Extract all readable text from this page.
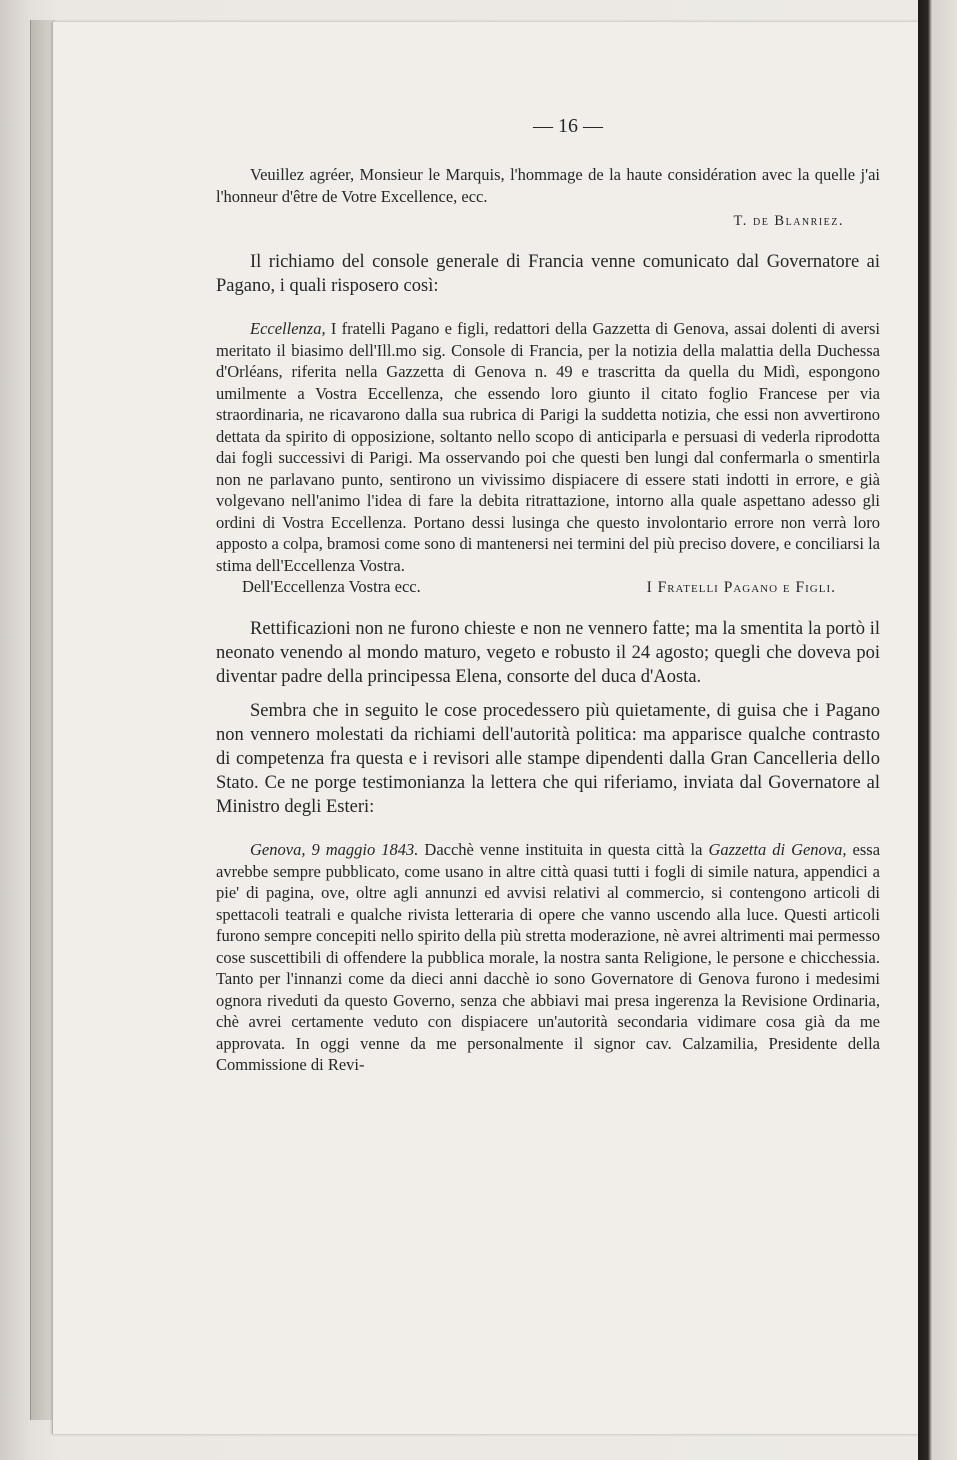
— 16 —

Veuillez agréer, Monsieur le Marquis, l'hommage de la haute considération avec la quelle j'ai l'honneur d'être de Votre Excellence, ecc.

T. de Blanriez.

Il richiamo del console generale di Francia venne comunicato dal Governatore ai Pagano, i quali risposero così:

Eccellenza, I fratelli Pagano e figli, redattori della Gazzetta di Genova, assai dolenti di aversi meritato il biasimo dell'Ill.mo sig. Console di Francia, per la notizia della malattia della Duchessa d'Orléans, riferita nella Gazzetta di Genova n. 49 e trascritta da quella du Midì, espongono umilmente a Vostra Eccellenza, che essendo loro giunto il citato foglio Francese per via straordinaria, ne ricavarono dalla sua rubrica di Parigi la suddetta notizia, che essi non avvertirono dettata da spirito di opposizione, soltanto nello scopo di anticiparla e persuasi di vederla riprodotta dai fogli successivi di Parigi. Ma osservando poi che questi ben lungi dal confermarla o smentirla non ne parlavano punto, sentirono un vivissimo dispiacere di essere stati indotti in errore, e già volgevano nell'animo l'idea di fare la debita ritrattazione, intorno alla quale aspettano adesso gli ordini di Vostra Eccellenza. Portano dessi lusinga che questo involontario errore non verrà loro apposto a colpa, bramosi come sono di mantenersi nei termini del più preciso dovere, e conciliarsi la stima dell'Eccellenza Vostra.

Dell'Eccellenza Vostra ecc.	I Fratelli Pagano e Figli.

Rettificazioni non ne furono chieste e non ne vennero fatte; ma la smentita la portò il neonato venendo al mondo maturo, vegeto e robusto il 24 agosto; quegli che doveva poi diventar padre della principessa Elena, consorte del duca d'Aosta.

Sembra che in seguito le cose procedessero più quietamente, di guisa che i Pagano non vennero molestati da richiami dell'autorità politica: ma apparisce qualche contrasto di competenza fra questa e i revisori alle stampe dipendenti dalla Gran Cancelleria dello Stato. Ce ne porge testimonianza la lettera che qui riferiamo, inviata dal Governatore al Ministro degli Esteri:

Genova, 9 maggio 1843. Dacchè venne instituita in questa città la Gazzetta di Genova, essa avrebbe sempre pubblicato, come usano in altre città quasi tutti i fogli di simile natura, appendici a pie' di pagina, ove, oltre agli annunzi ed avvisi relativi al commercio, si contengono articoli di spettacoli teatrali e qualche rivista letteraria di opere che vanno uscendo alla luce. Questi articoli furono sempre concepiti nello spirito della più stretta moderazione, nè avrei altrimenti mai permesso cose suscettibili di offendere la pubblica morale, la nostra santa Religione, le persone e chicchessia. Tanto per l'innanzi come da dieci anni dacchè io sono Governatore di Genova furono i medesimi ognora riveduti da questo Governo, senza che abbiavi mai presa ingerenza la Revisione Ordinaria, chè avrei certamente veduto con dispiacere un'autorità secondaria vidimare cosa già da me approvata. In oggi venne da me personalmente il signor cav. Calzamilia, Presidente della Commissione di Revi-
